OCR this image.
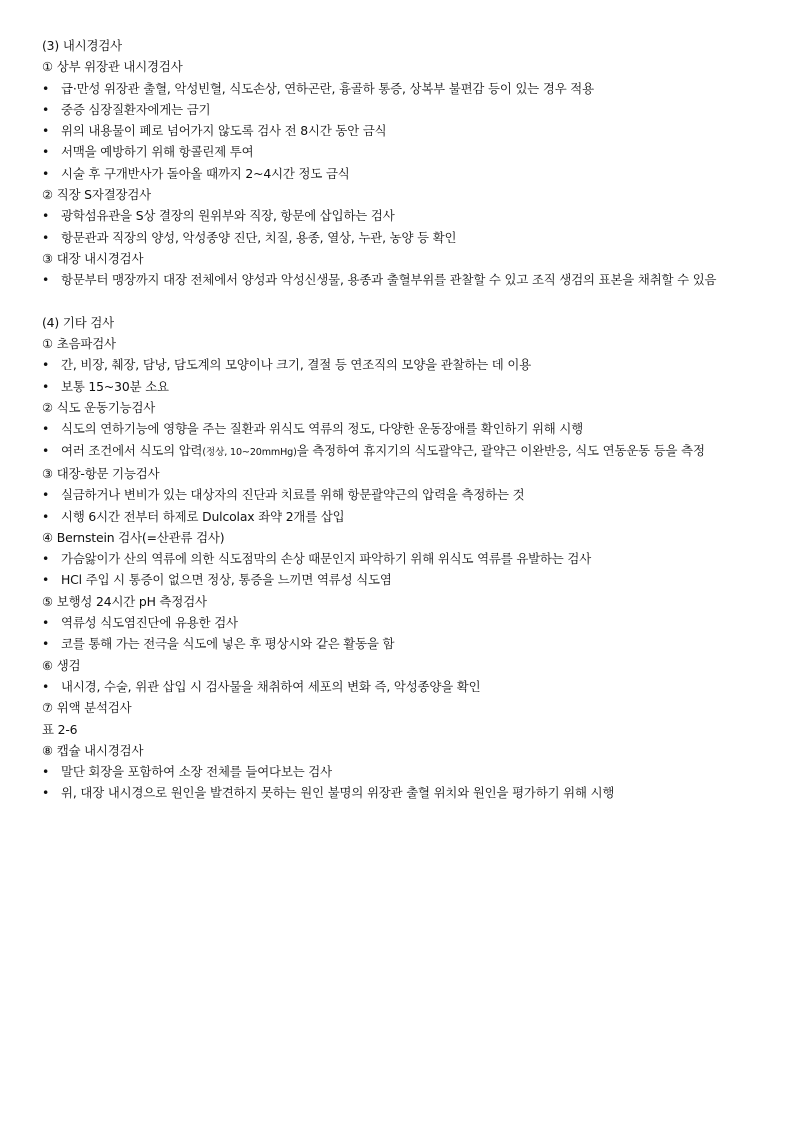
(3) 내시경검사
① 상부 위장관 내시경검사
• 급·만성 위장관 출혈, 악성빈혈, 식도손상, 연하곤란, 흉골하 통증, 상복부 불편감 등이 있는 경우 적용
• 중증 심장질환자에게는 금기
• 위의 내용물이 폐로 넘어가지 않도록 검사 전 8시간 동안 금식
• 서맥을 예방하기 위해 항콜린제 투여
• 시술 후 구개반사가 돌아올 때까지 2~4시간 정도 금식
② 직장 S자결장검사
• 광학섬유관을 S상 결장의 원위부와 직장, 항문에 삽입하는 검사
• 항문관과 직장의 양성, 악성종양 진단, 치질, 용종, 열상, 누관, 농양 등 확인
③ 대장 내시경검사
• 항문부터 맹장까지 대장 전체에서 양성과 악성신생물, 용종과 출혈부위를 관찰할 수 있고 조직 생검의 표본을 채취할 수 있음
(4) 기타 검사
① 초음파검사
• 간, 비장, 췌장, 담낭, 담도계의 모양이나 크기, 결절 등 연조직의 모양을 관찰하는 데 이용
• 보통 15~30분 소요
② 식도 운동기능검사
• 식도의 연하기능에 영향을 주는 질환과 위식도 역류의 정도, 다양한 운동장애를 확인하기 위해 시행
• 여러 조건에서 식도의 압력(정상, 10~20mmHg)을 측정하여 휴지기의 식도괄약근, 괄약근 이완반응, 식도 연동운동 등을 측정
③ 대장-항문 기능검사
• 실금하거나 변비가 있는 대상자의 진단과 치료를 위해 항문괄약근의 압력을 측정하는 것
• 시행 6시간 전부터 하제로 Dulcolax 좌약 2개를 삽입
④ Bernstein 검사(=산관류 검사)
• 가슴앓이가 산의 역류에 의한 식도점막의 손상 때문인지 파악하기 위해 위식도 역류를 유발하는 검사
• HCl 주입 시 통증이 없으면 정상, 통증을 느끼면 역류성 식도염
⑤ 보행성 24시간 pH 측정검사
• 역류성 식도염진단에 유용한 검사
• 코를 통해 가는 전극을 식도에 넣은 후 평상시와 같은 활동을 함
⑥ 생검
• 내시경, 수술, 위관 삽입 시 검사물을 채취하여 세포의 변화 즉, 악성종양을 확인
⑦ 위액 분석검사
표 2-6
⑧ 캡슐 내시경검사
• 말단 회장을 포함하여 소장 전체를 들여다보는 검사
• 위, 대장 내시경으로 원인을 발견하지 못하는 원인 불명의 위장관 출혈 위치와 원인을 평가하기 위해 시행
